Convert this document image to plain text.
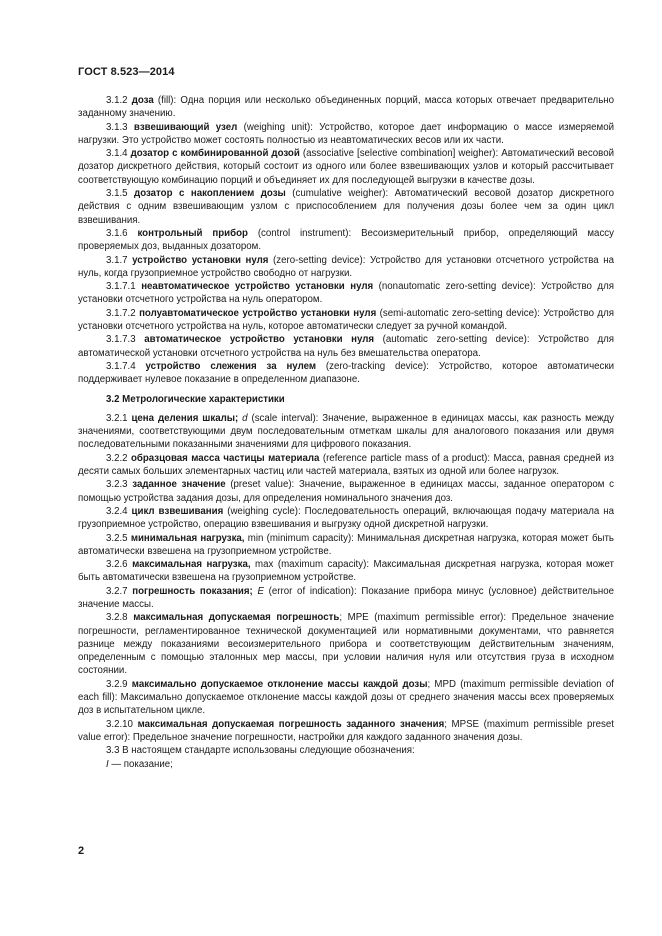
ГОСТ 8.523—2014

3.1.2 доза (fill): Одна порция или несколько объединенных порций, масса которых отвечает предварительно заданному значению.

3.1.3 взвешивающий узел (weighing unit): Устройство, которое дает информацию о массе измеряемой нагрузки. Это устройство может состоять полностью из неавтоматических весов или их части.

3.1.4 дозатор с комбинированной дозой (associative [selective combination] weigher): Автоматический весовой дозатор дискретного действия, который состоит из одного или более взвешивающих узлов и который рассчитывает соответствующую комбинацию порций и объединяет их для последующей выгрузки в качестве дозы.

3.1.5 дозатор с накоплением дозы (cumulative weigher): Автоматический весовой дозатор дискретного действия с одним взвешивающим узлом с приспособлением для получения дозы более чем за один цикл взвешивания.

3.1.6 контрольный прибор (control instrument): Весоизмерительный прибор, определяющий массу проверяемых доз, выданных дозатором.

3.1.7 устройство установки нуля (zero-setting device): Устройство для установки отсчетного устройства на нуль, когда грузоприемное устройство свободно от нагрузки.

3.1.7.1 неавтоматическое устройство установки нуля (nonautomatic zero-setting device): Устройство для установки отсчетного устройства на нуль оператором.

3.1.7.2 полуавтоматическое устройство установки нуля (semi-automatic zero-setting device): Устройство для установки отсчетного устройства на нуль, которое автоматически следует за ручной командой.

3.1.7.3 автоматическое устройство установки нуля (automatic zero-setting device): Устройство для автоматической установки отсчетного устройства на нуль без вмешательства оператора.

3.1.7.4 устройство слежения за нулем (zero-tracking device): Устройство, которое автоматически поддерживает нулевое показание в определенном диапазоне.

3.2 Метрологические характеристики

3.2.1 цена деления шкалы; d (scale interval): Значение, выраженное в единицах массы, как разность между значениями, соответствующими двум последовательным отметкам шкалы для аналогового показания или двумя последовательными показанными значениями для цифрового показания.

3.2.2 образцовая масса частицы материала (reference particle mass of a product): Масса, равная средней из десяти самых больших элементарных частиц или частей материала, взятых из одной или более нагрузок.

3.2.3 заданное значение (preset value): Значение, выраженное в единицах массы, заданное оператором с помощью устройства задания дозы, для определения номинального значения доз.

3.2.4 цикл взвешивания (weighing cycle): Последовательность операций, включающая подачу материала на грузоприемное устройство, операцию взвешивания и выгрузку одной дискретной нагрузки.

3.2.5 минимальная нагрузка, min (minimum capacity): Минимальная дискретная нагрузка, которая может быть автоматически взвешена на грузоприемном устройстве.

3.2.6 максимальная нагрузка, max (maximum capacity): Максимальная дискретная нагрузка, которая может быть автоматически взвешена на грузоприемном устройстве.

3.2.7 погрешность показания; E (error of indication): Показание прибора минус (условное) действительное значение массы.

3.2.8 максимальная допускаемая погрешность; MPE (maximum permissible error): Предельное значение погрешности, регламентированное технической документацией или нормативными документами, что равняется разнице между показаниями весоизмерительного прибора и соответствующим действительным значениям, определенным с помощью эталонных мер массы, при условии наличия нуля или отсутствия груза в исходном состоянии.

3.2.9 максимально допускаемое отклонение массы каждой дозы; MPD (maximum permissible deviation of each fill): Максимально допускаемое отклонение массы каждой дозы от среднего значения массы всех проверяемых доз в испытательном цикле.

3.2.10 максимальная допускаемая погрешность заданного значения; MPSE (maximum permissible preset value error): Предельное значение погрешности, настройки для каждого заданного значения дозы.

3.3 В настоящем стандарте использованы следующие обозначения:

I — показание;

2
